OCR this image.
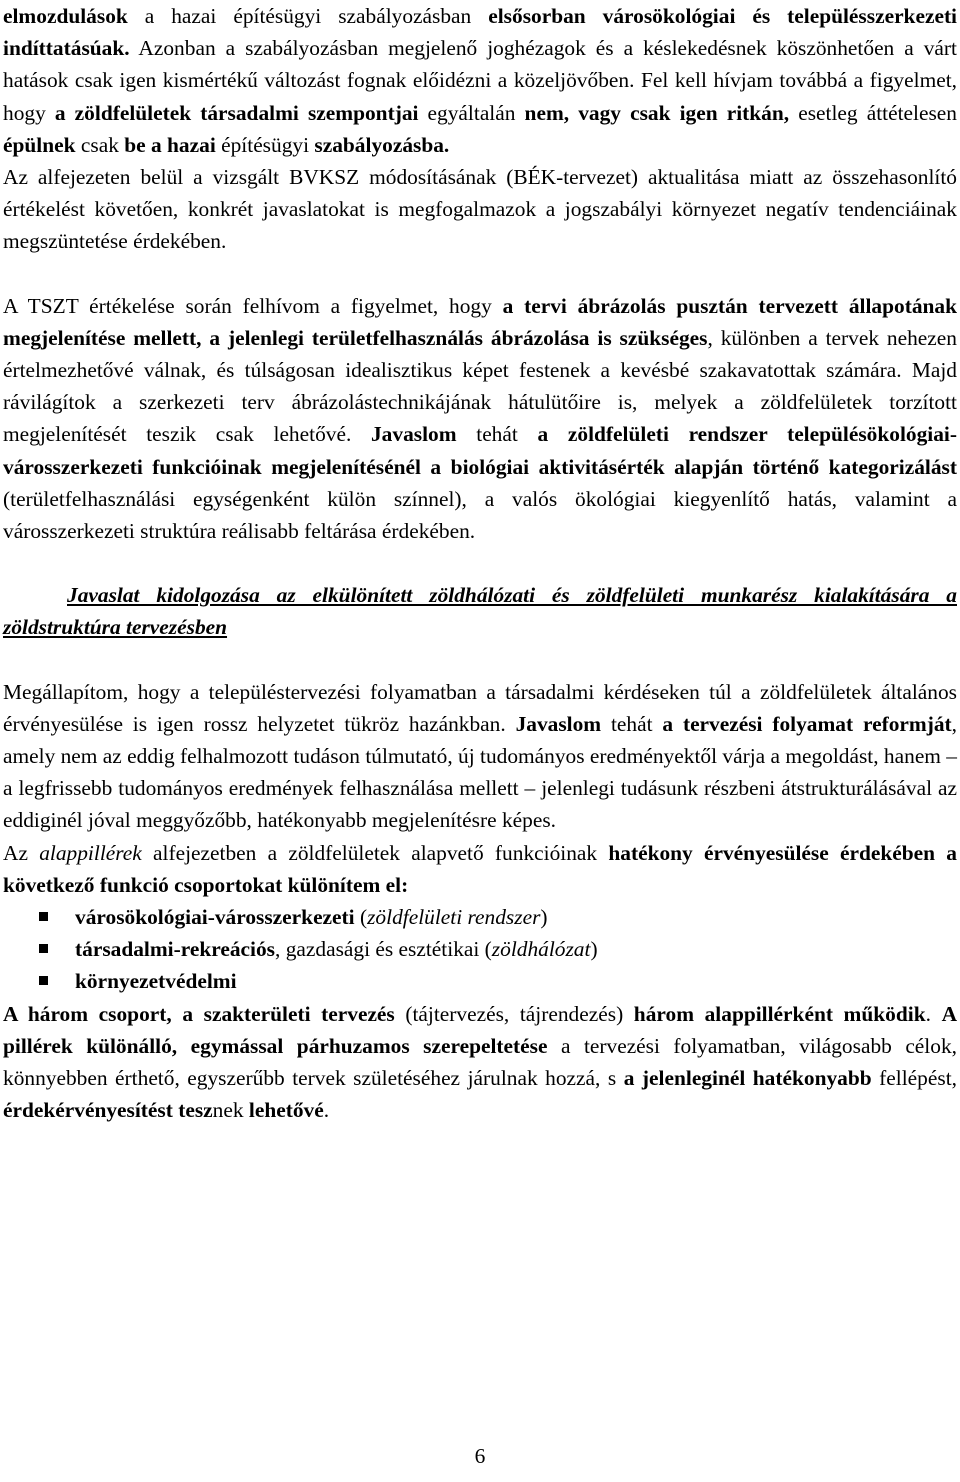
elmozdulások a hazai építésügyi szabályozásban elsősorban városökológiai és településszerkezeti indíttatásúak. Azonban a szabályozásban megjelenő joghézagok és a késlekedésnek köszönhetően a várt hatások csak igen kismértékű változást fognak előidézni a közeljövőben. Fel kell hívjam továbbá a figyelmet, hogy a zöldfelületek társadalmi szempontjai egyáltalán nem, vagy csak igen ritkán, esetleg áttételesen épülnek csak be a hazai építésügyi szabályozásba.

Az alfejezeten belül a vizsgált BVKSZ módosításának (BÉK-tervezet) aktualitása miatt az összehasonlító értékelést követően, konkrét javaslatokat is megfogalmazok a jogszabályi környezet negatív tendenciáinak megszüntetése érdekében.

A TSZT értékelése során felhívom a figyelmet, hogy a tervi ábrázolás pusztán tervezett állapotának megjelenítése mellett, a jelenlegi területfelhasználás ábrázolása is szükséges, különben a tervek nehezen értelmezhetővé válnak, és túlságosan idealisztikus képet festenek a kevésbé szakavatottak számára. Majd rávilágítok a szerkezeti terv ábrázolástechnikájának hátulütőire is, melyek a zöldfelületek torzított megjelenítését teszik csak lehetővé. Javaslom tehát a zöldfelületi rendszer településökológiai-városszerkezeti funkcióinak megjelenítésénél a biológiai aktivitásérték alapján történő kategorizálást (területfelhasználási egységenként külön színnel), a valós ökológiai kiegyenlítő hatás, valamint a városszerkezeti struktúra reálisabb feltárása érdekében.

Javaslat kidolgozása az elkülönített zöldhálózati és zöldfelületi munkarész kialakítására a zöldstruktúra tervezésben

Megállapítom, hogy a településtervezési folyamatban a társadalmi kérdéseken túl a zöldfelületek általános érvényesülése is igen rossz helyzetet tükröz hazánkban. Javaslom tehát a tervezési folyamat reformját, amely nem az eddig felhalmozott tudáson túlmutató, új tudományos eredményektől várja a megoldást, hanem – a legfrissebb tudományos eredmények felhasználása mellett – jelenlegi tudásunk részbeni átstrukturálásával az eddiginél jóval meggyőzőbb, hatékonyabb megjelenítésre képes.

Az alappillérek alfejezetben a zöldfelületek alapvető funkcióinak hatékony érvényesülése érdekében a következő funkció csoportokat különítem el:

városökológiai-városszerkezeti (zöldfelületi rendszer)
társadalmi-rekreációs, gazdasági és esztétikai (zöldhálózat)
környezetvédelmi

A három csoport, a szakterületi tervezés (tájtervezés, tájrendezés) három alappillérként működik. A pillérek különálló, egymással párhuzamos szerepeltetése a tervezési folyamatban, világosabb célok, könnyebben érthető, egyszerűbb tervek születéséhez járulnak hozzá, s a jelenleginél hatékonyabb fellépést, érdekérvényesítést tesznek lehetővé.

6
